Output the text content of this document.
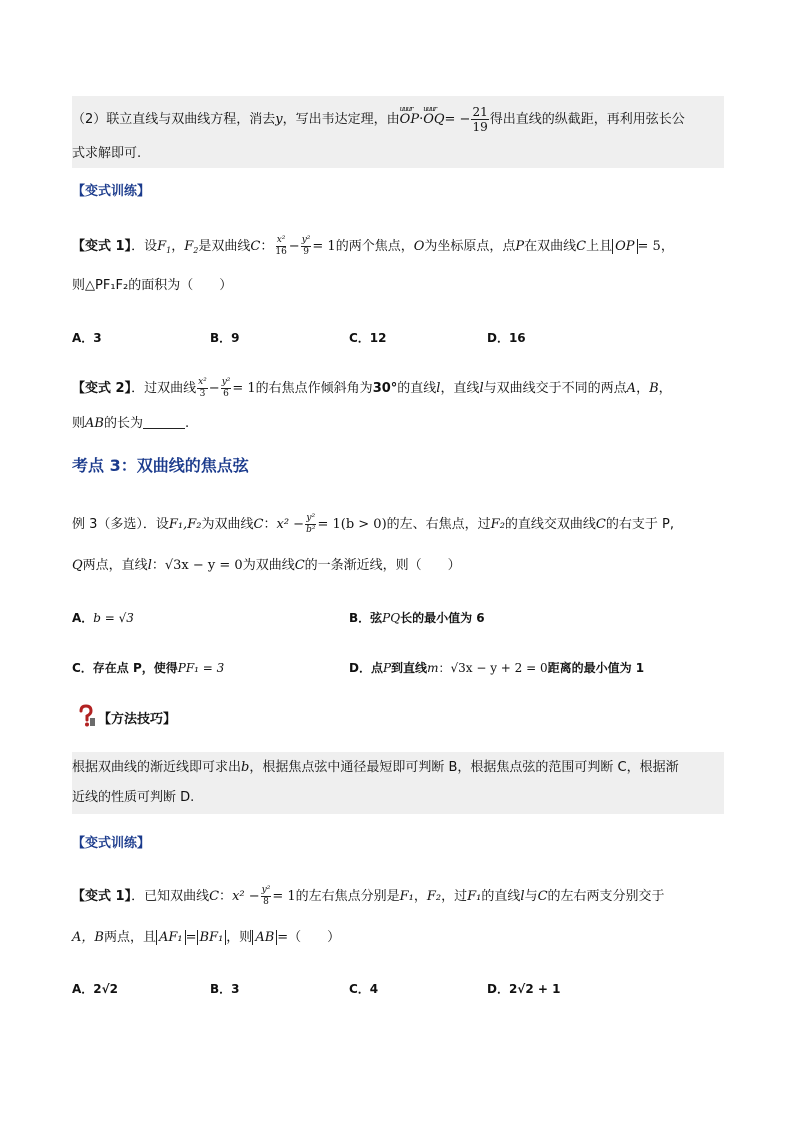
（2）联立直线与双曲线方程，消去y，写出韦达定理，由uuur OP·uuur $OQ= - \frac{21}{19}$ 得出直线的纵截距，再利用弦长公
式求解即可.
【变式训练】
【变式 1】．设$F_1$，$F_2$是双曲线C： $\frac{\text{x²}}{16} - \frac{\text{y²}}{9} = 1$的两个焦点，O为坐标原点，点P在双曲线C上且 OP = 5，
则△PF₁F₂的面积为（　　）
A．3	B．9	C．12	D．16
【变式 2】．过双曲线 $\frac{\text{x²}}{3} - \frac{\text{y²}}{6} = 1$的右焦点作倾斜角为30°的直线l，直线l与双曲线交于不同的两点A，B，
则AB的长为	.
考点 3：双曲线的焦点弦
例 3（多选）．设F₁,F₂为双曲线C：$x^2 - \frac{\text{y²}}{\text{b²}} = 1(b > 0)$的左、右焦点，过F₂的直线交双曲线C的右支于 P,
Q两点，直线l：√3x − y = 0为双曲线C的一条渐近线，则（　　）
A．b = √3	B．弦PQ长的最小值为 6
C．存在点 P，使得PF₁ = 3	D．点P到直线m：√3x − y + 2 = 0距离的最小值为 1
【方法技巧】
根据双曲线的渐近线即可求出b，根据焦点弦中通径最短即可判断 B，根据焦点弦的范围可判断 C，根据渐
近线的性质可判断 D.
【变式训练】
【变式 1】．已知双曲线C：$x^2 - \frac{\text{y²}}{8} = 1$的左右焦点分别是F₁，F₂，过F₁的直线l与C的左右两支分别交于
A，B两点，且 AF₁ = BF₁ ，则 AB =（　　）
A．2√2	B．3	C．4	D．2√2 + 1
